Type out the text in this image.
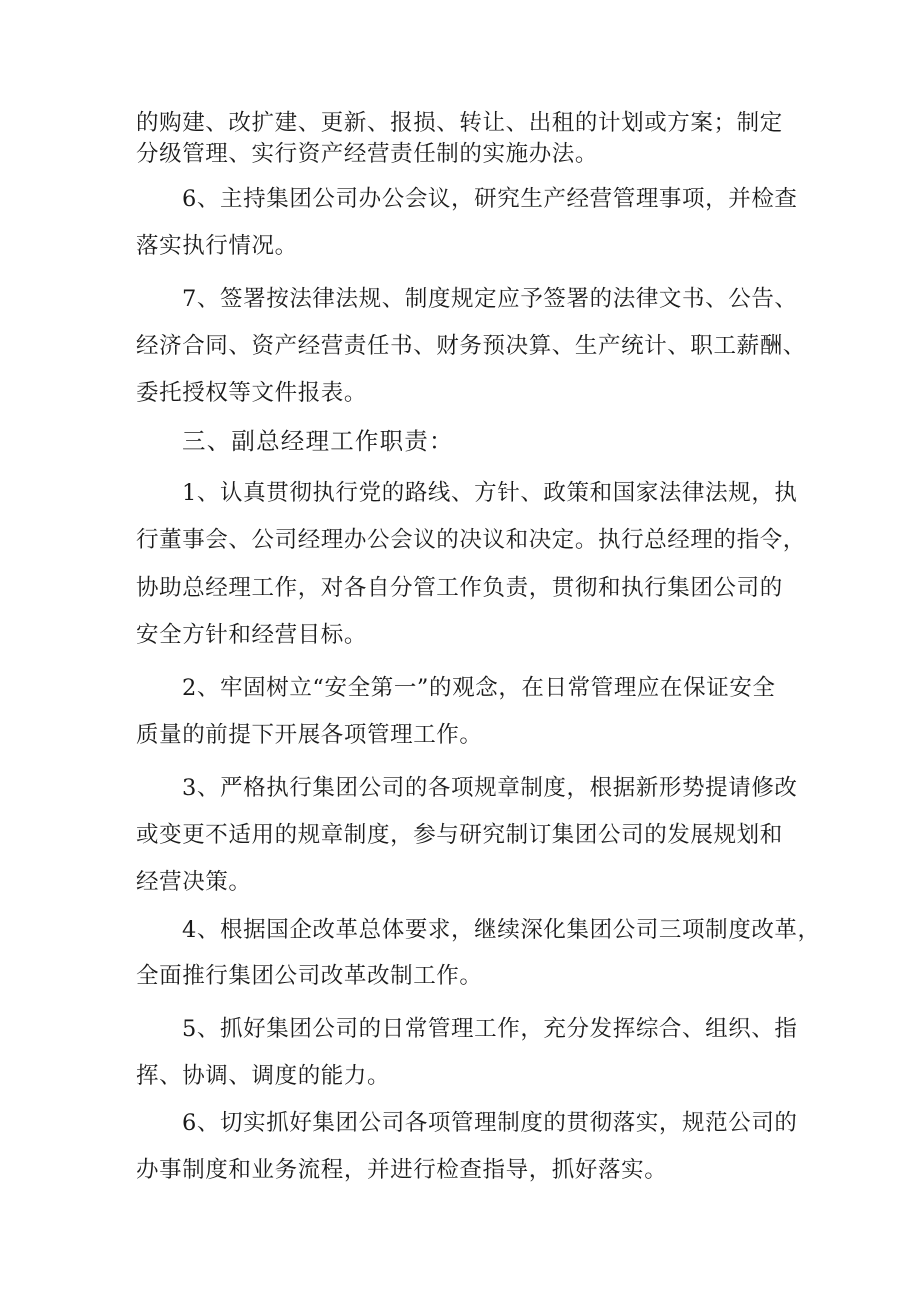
的购建、改扩建、更新、报损、转让、出租的计划或方案；制定
分级管理、实行资产经营责任制的实施办法。
6、主持集团公司办公会议，研究生产经营管理事项，并检查
落实执行情况。
7、签署按法律法规、制度规定应予签署的法律文书、公告、
经济合同、资产经营责任书、财务预决算、生产统计、职工薪酬、
委托授权等文件报表。
三、副总经理工作职责：
1、认真贯彻执行党的路线、方针、政策和国家法律法规，执
行董事会、公司经理办公会议的决议和决定。执行总经理的指令，
协助总经理工作，对各自分管工作负责，贯彻和执行集团公司的
安全方针和经营目标。
2、牢固树立“安全第一”的观念，在日常管理应在保证安全
质量的前提下开展各项管理工作。
3、严格执行集团公司的各项规章制度，根据新形势提请修改
或变更不适用的规章制度，参与研究制订集团公司的发展规划和
经营决策。
4、根据国企改革总体要求，继续深化集团公司三项制度改革，
全面推行集团公司改革改制工作。
5、抓好集团公司的日常管理工作，充分发挥综合、组织、指
挥、协调、调度的能力。
6、切实抓好集团公司各项管理制度的贯彻落实，规范公司的
办事制度和业务流程，并进行检查指导，抓好落实。
